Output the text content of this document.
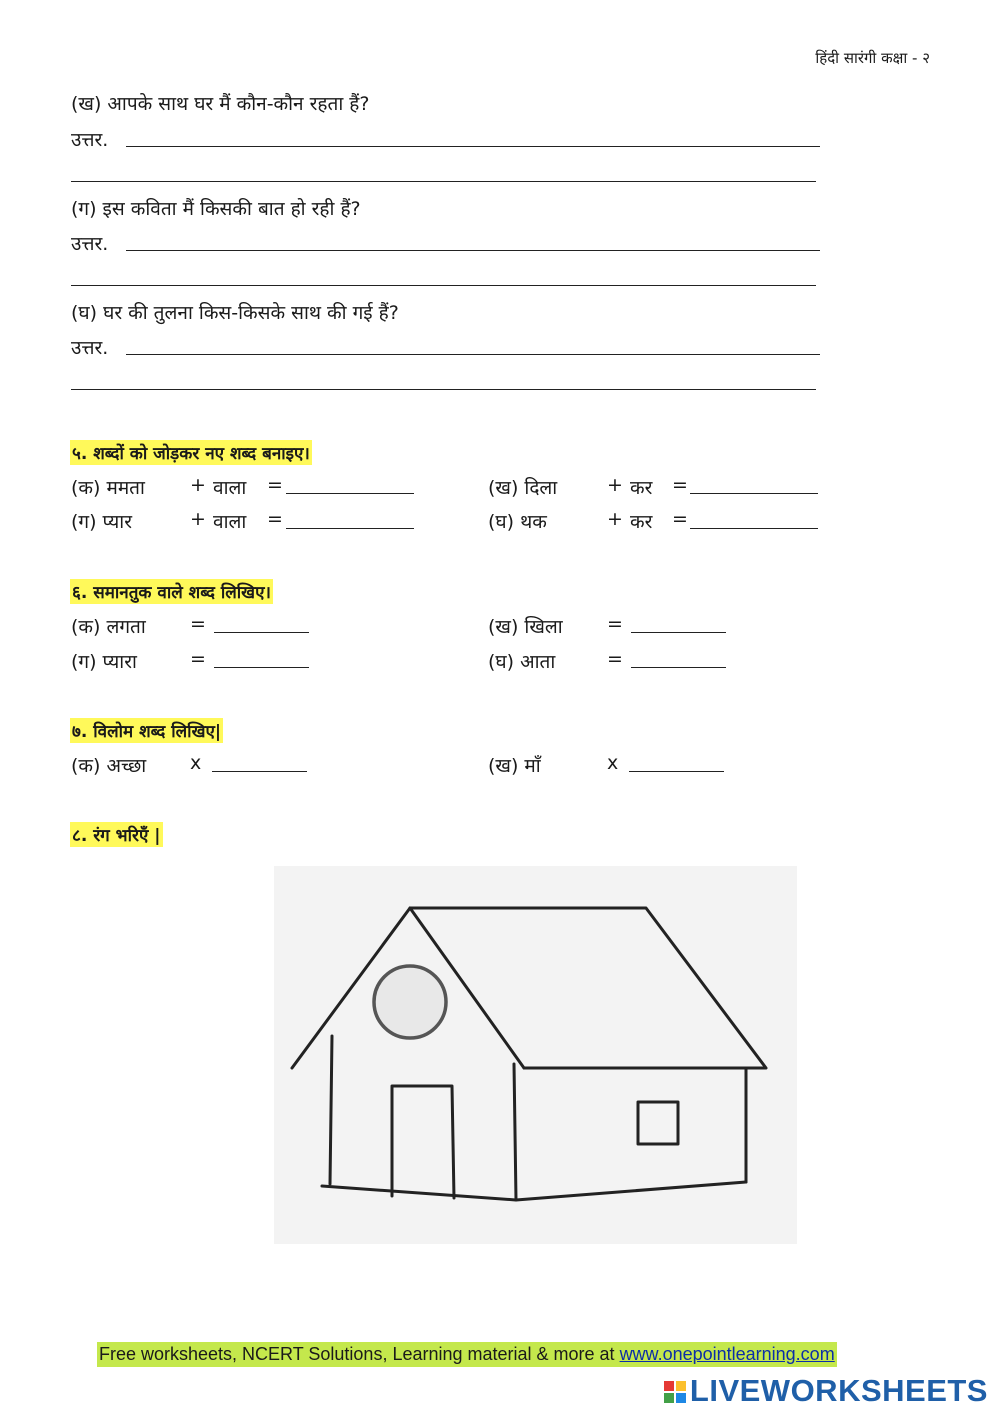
हिंदी सारंगी कक्षा - २
(ख) आपके साथ घर मैं कौन-कौन रहता हैं?
उत्तर.
(ग) इस कविता मैं किसकी बात हो रही हैं?
उत्तर.
(घ) घर की तुलना किस-किसके साथ की गई हैं?
उत्तर.
५. शब्दों को जोड़कर नए शब्द बनाइए।
(क) ममता + वाला =	(ख) दिला	+ कर =
(ग) प्यार	+ वाला =	(घ) थक	+ कर =
६. समानतुक वाले शब्द लिखिए।
(क) लगता =	(ख) खिला =
(ग) प्यारा	=	(घ) आता	=
७. विलोम शब्द लिखिए|
(क) अच्छा x	(ख) माँ	x
८. रंग भरिएँ |
Free worksheets, NCERT Solutions, Learning material & more at www.onepointlearning.com
LIVEWORKSHEETS
